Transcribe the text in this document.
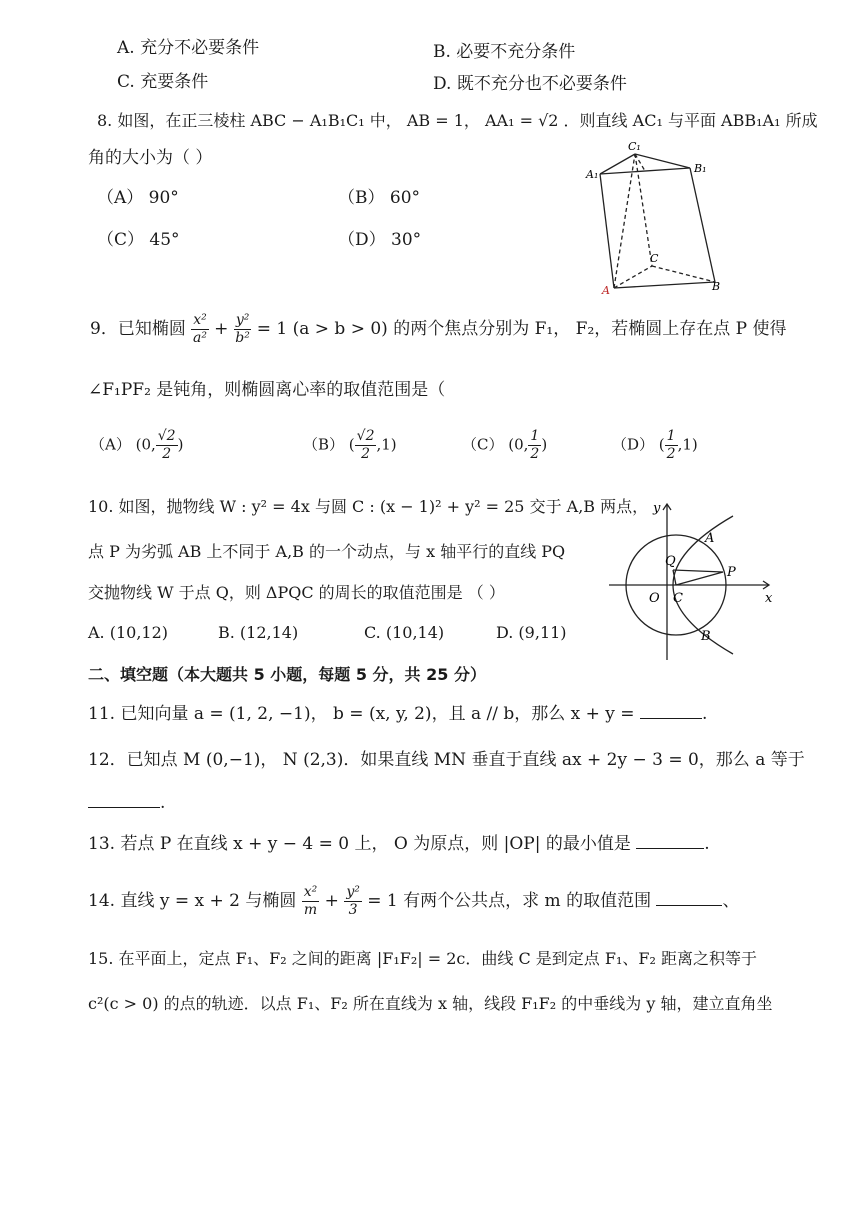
A. 充分不必要条件	B. 必要不充分条件
C. 充要条件	D. 既不充分也不必要条件
8. 如图，在正三棱柱 ABC − A₁B₁C₁ 中， AB = 1， AA₁ = √2 ．则直线 AC₁ 与平面 ABB₁A₁ 所成
角的大小为（ ）
（A） 90°	（B） 60°
（C） 45°	（D） 30°
A₁
C₁
B₁
C
A	B
9．已知椭圆 $\frac{\text{x²}}{\text{a²}} + \frac{\text{y²}}{\text{b²}} = 1$ (a > b > 0) 的两个焦点分别为 F₁， F₂，若椭圆上存在点 P 使得
∠F₁PF₂ 是钝角，则椭圆离心率的取值范围是（
（A） (0, $\frac{√2}{2}$ )	（B） ( $\frac{√2}{2} ,1$)	（C） (0, $\frac{1}{2}$ )	（D） ( $\frac{1}{2} ,1$)
10. 如图，抛物线 W : y² = 4x 与圆 C : (x − 1)² + y² = 25 交于 A,B 两点，
点 P 为劣弧 AB 上不同于 A,B 的一个动点，与 x 轴平行的直线 PQ
交抛物线 W 于点 Q，则 ΔPQC 的周长的取值范围是 （ ）
A. (10,12)	B. (12,14)	C. (10,14)	D. (9,11)
y
x
O C
Q
P
A
B
二、填空题（本大题共 5 小题，每题 5 分，共 25 分）
11. 已知向量 a = (1, 2, −1)， b = (x, y, 2)，且 a // b，那么 x + y =	.
12．已知点 M (0,−1)， N (2,3)．如果直线 MN 垂直于直线 ax + 2y − 3 = 0，那么 a 等于
.
13. 若点 P 在直线 x + y − 4 = 0 上， O 为原点，则 |OP| 的最小值是	.
14. 直线 y = x + 2 与椭圆 $\frac{\text{x²}}{m} + \frac{\text{y²}}{3} = 1$ 有两个公共点，求 m 的取值范围	、
15. 在平面上，定点 F₁、F₂ 之间的距离 |F₁F₂| = 2c．曲线 C 是到定点 F₁、F₂ 距离之积等于
c²(c > 0) 的点的轨迹．以点 F₁、F₂ 所在直线为 x 轴，线段 F₁F₂ 的中垂线为 y 轴，建立直角坐
